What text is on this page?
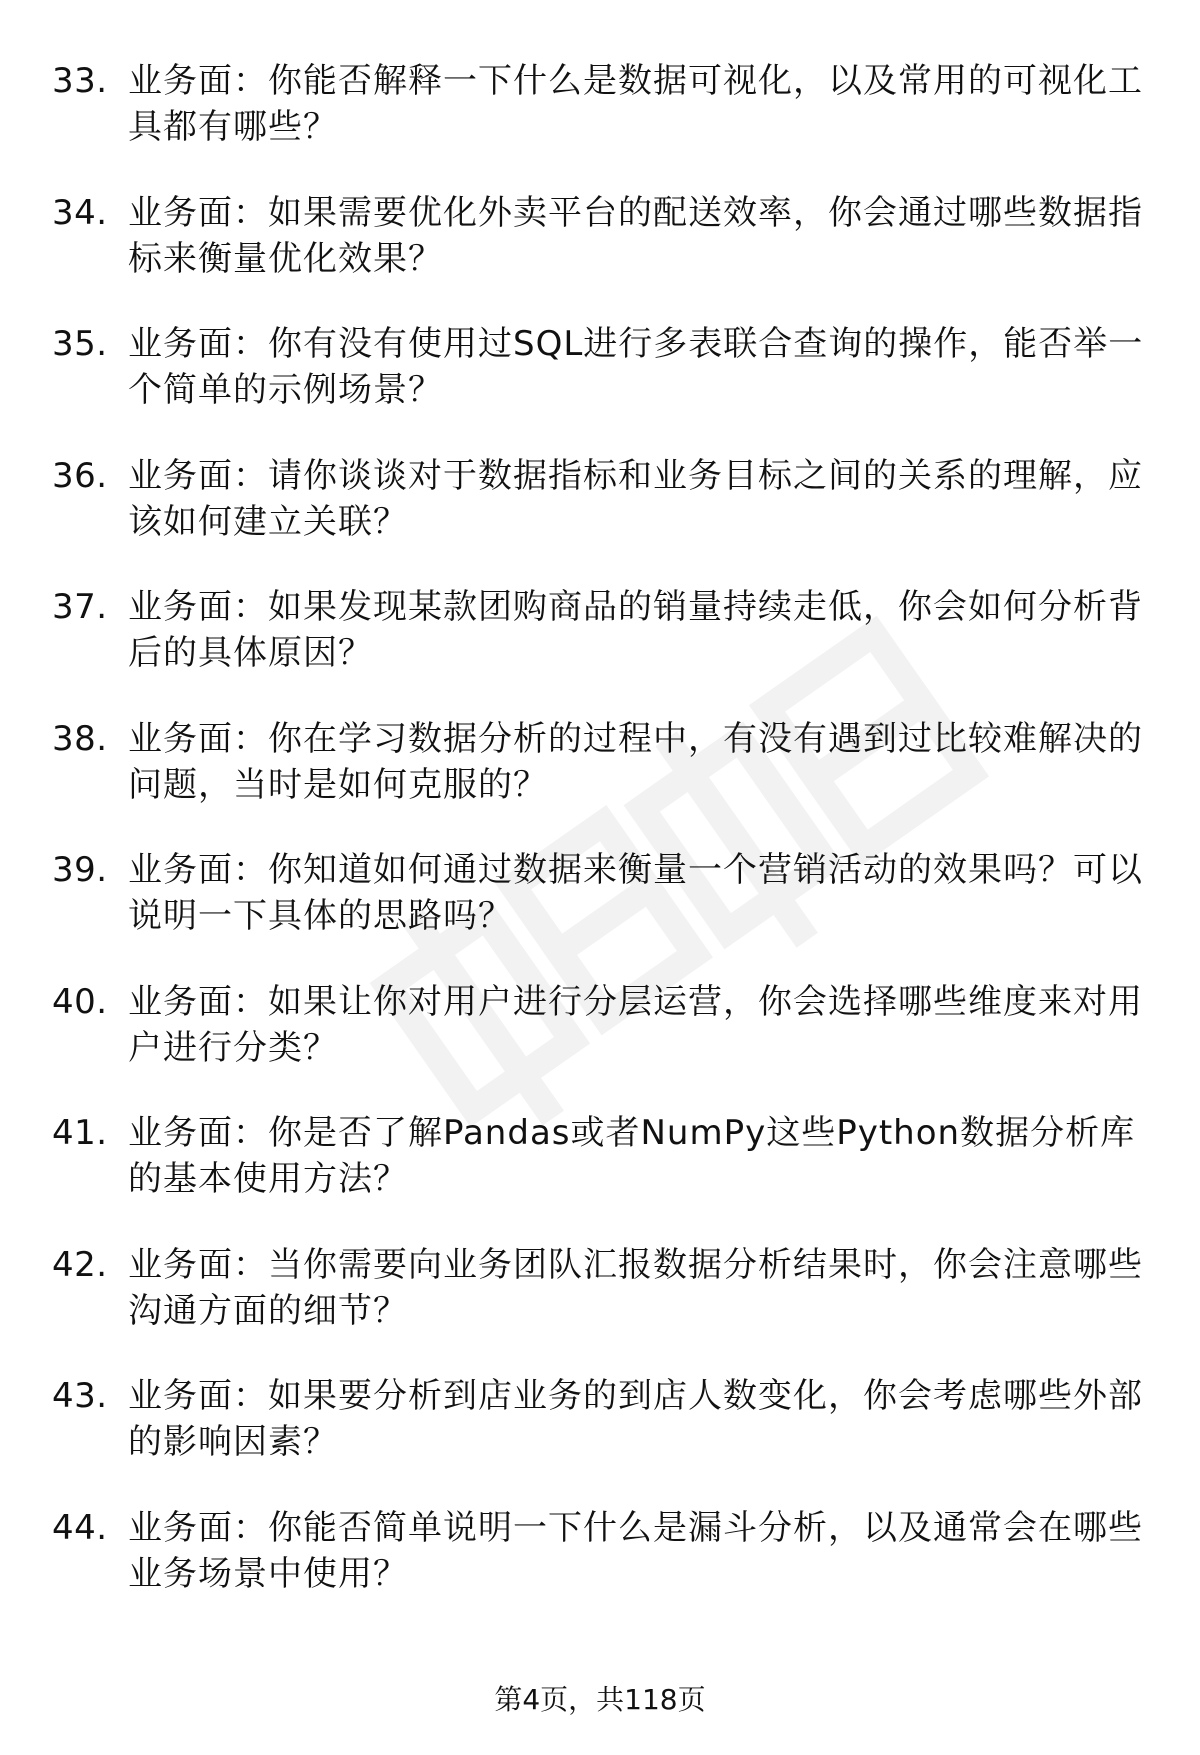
33. 业务面：你能否解释一下什么是数据可视化，以及常用的可视化工具都有哪些？
34. 业务面：如果需要优化外卖平台的配送效率，你会通过哪些数据指标来衡量优化效果？
35. 业务面：你有没有使用过SQL进行多表联合查询的操作，能否举一个简单的示例场景？
36. 业务面：请你谈谈对于数据指标和业务目标之间的关系的理解，应该如何建立关联？
37. 业务面：如果发现某款团购商品的销量持续走低，你会如何分析背后的具体原因？
38. 业务面：你在学习数据分析的过程中，有没有遇到过比较难解决的问题，当时是如何克服的？
39. 业务面：你知道如何通过数据来衡量一个营销活动的效果吗？可以说明一下具体的思路吗？
40. 业务面：如果让你对用户进行分层运营，你会选择哪些维度来对用户进行分类？
41. 业务面：你是否了解Pandas或者NumPy这些Python数据分析库的基本使用方法？
42. 业务面：当你需要向业务团队汇报数据分析结果时，你会注意哪些沟通方面的细节？
43. 业务面：如果要分析到店业务的到店人数变化，你会考虑哪些外部的影响因素？
44. 业务面：你能否简单说明一下什么是漏斗分析，以及通常会在哪些业务场景中使用？
第4页，共118页
